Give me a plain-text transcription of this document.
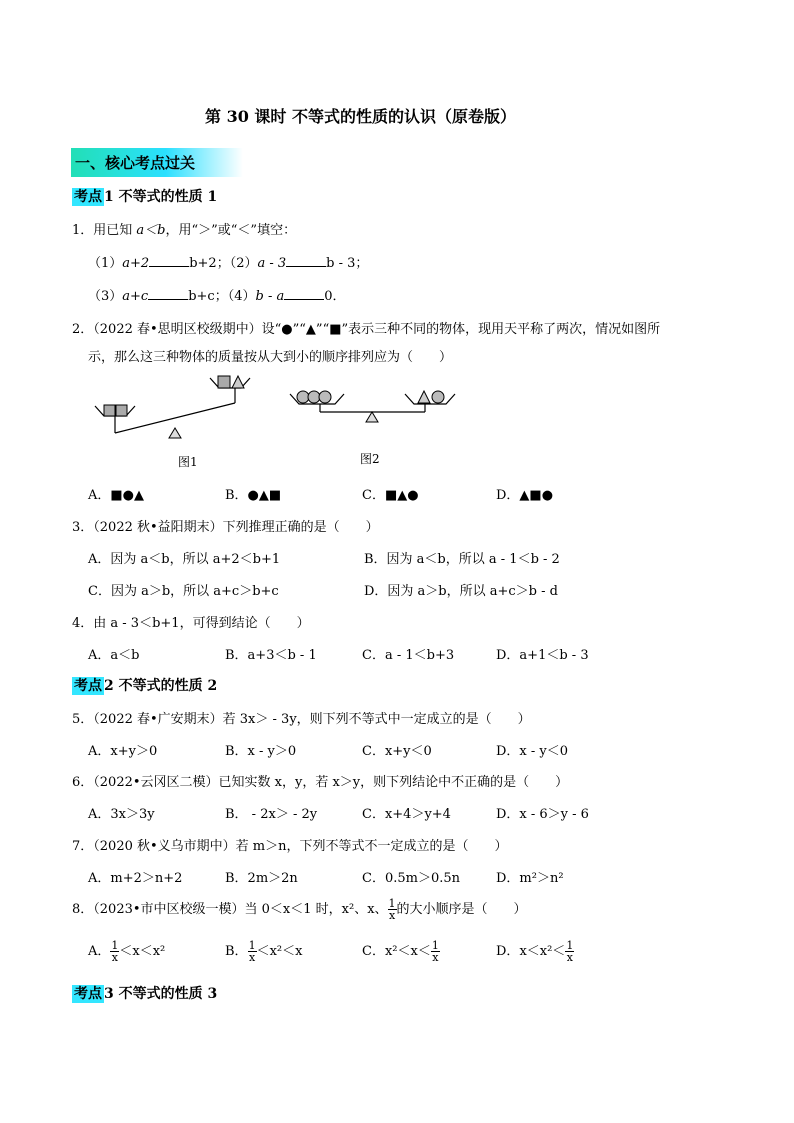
第 30 课时 不等式的性质的认识（原卷版）
一、核心考点过关
考点 1 不等式的性质 1
1．用已知 a＜b，用“＞”或“＜”填空：
（1）a+2	b+2；（2）a - 3	b - 3；
（3）a+c	b+c；（4）b - a	0．
2．（2022 春•思明区校级期中）设“●”“▲”“■”表示三种不同的物体，现用天平称了两次，情况如图所
示，那么这三种物体的质量按从大到小的顺序排列应为（　　）
图1	图2
A．■●▲	B．●▲■	C．■▲●	D．▲■●
3．（2022 秋•益阳期末）下列推理正确的是（　　）
A．因为 a＜b，所以 a+2＜b+1	B．因为 a＜b，所以 a - 1＜b - 2
C．因为 a＞b，所以 a+c＞b+c	D．因为 a＞b，所以 a+c＞b - d
4．由 a - 3＜b+1，可得到结论（　　）
A．a＜b	B．a+3＜b - 1	C．a - 1＜b+3	D．a+1＜b - 3
考点 2 不等式的性质 2
5．（2022 春•广安期末）若 3x＞ - 3y，则下列不等式中一定成立的是（　　）
A．x+y＞0	B．x - y＞0	C．x+y＜0	D．x - y＜0
6．（2022•云冈区二模）已知实数 x，y，若 x＞y，则下列结论中不正确的是（　　）
A．3x＞3y	B． - 2x＞ - 2y	C．x+4＞y+4	D．x - 6＞y - 6
7．（2020 秋•义乌市期中）若 m＞n，下列不等式不一定成立的是（　　）
A．m+2＞n+2	B．2m＞2n	C．0.5m＞0.5n	D．m²＞n²
8．（2023•市中区校级一模）当 0＜x＜1 时，x²、x、 $\frac{1}{x}$ 的大小顺序是（　　）
A． $\frac{1}{x} <x<x^2$	B． $\frac{1}{x} <x^2<x$	C．$x^2<x< \frac{1}{x}$	D．$x<x^2< \frac{1}{x}$
考点 3 不等式的性质 3
